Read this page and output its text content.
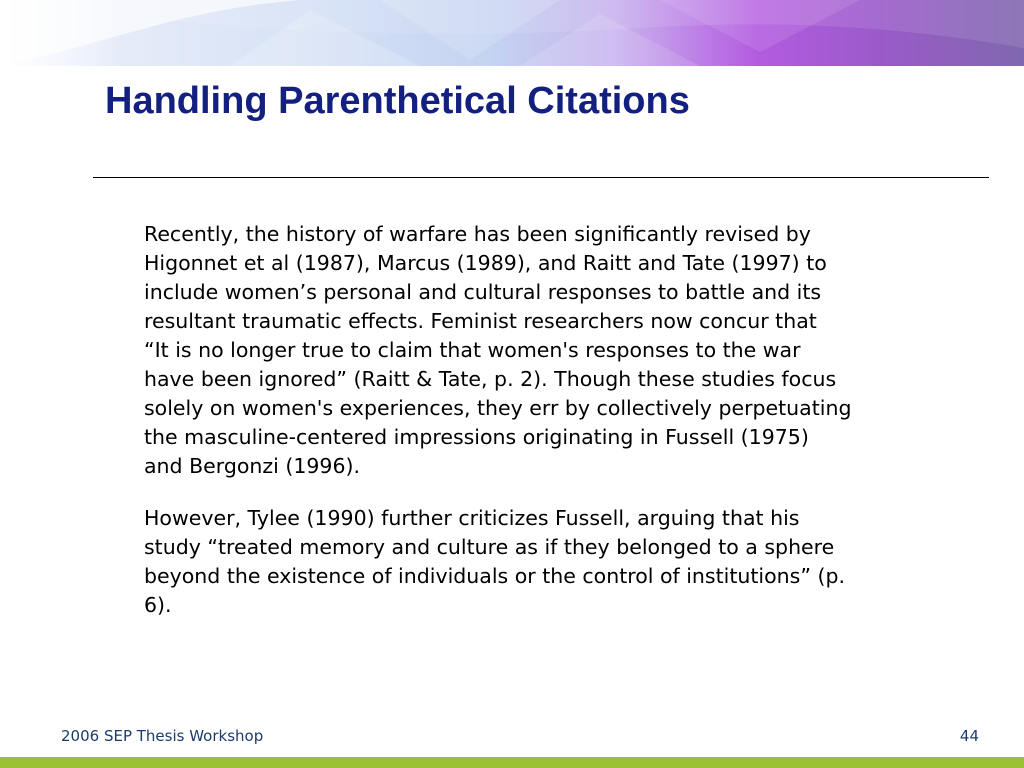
Handling Parenthetical Citations

Recently, the history of warfare has been significantly revised by
Higonnet et al (1987), Marcus (1989), and Raitt and Tate (1997) to
include women’s personal and cultural responses to battle and its
resultant traumatic effects. Feminist researchers now concur that
“It is no longer true to claim that women's responses to the war
have been ignored” (Raitt & Tate, p. 2). Though these studies focus
solely on women's experiences, they err by collectively perpetuating
the masculine-centered impressions originating in Fussell (1975)
and Bergonzi (1996).

However, Tylee (1990) further criticizes Fussell, arguing that his
study “treated memory and culture as if they belonged to a sphere
beyond the existence of individuals or the control of institutions” (p.
6).

2006 SEP Thesis Workshop	44
